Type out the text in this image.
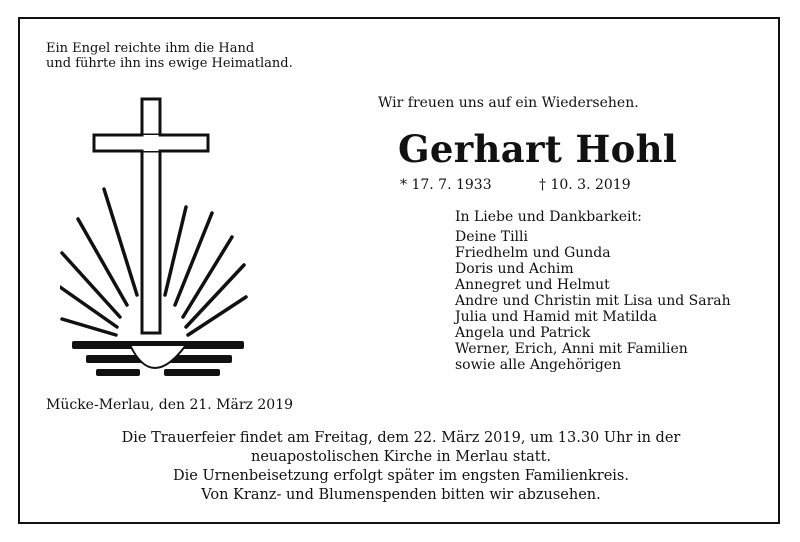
Ein Engel reichte ihm die Hand
und führte ihn ins ewige Heimatland.
Wir freuen uns auf ein Wiedersehen.
Gerhart Hohl
* 17. 7. 1933	† 10. 3. 2019
In Liebe und Dankbarkeit:
Deine Tilli
Friedhelm und Gunda
Doris und Achim
Annegret und Helmut
Andre und Christin mit Lisa und Sarah
Julia und Hamid mit Matilda
Angela und Patrick
Werner, Erich, Anni mit Familien
sowie alle Angehörigen
Mücke-Merlau, den 21. März 2019
Die Trauerfeier findet am Freitag, dem 22. März 2019, um 13.30 Uhr in der
neuapostolischen Kirche in Merlau statt.
Die Urnenbeisetzung erfolgt später im engsten Familienkreis.
Von Kranz- und Blumenspenden bitten wir abzusehen.
